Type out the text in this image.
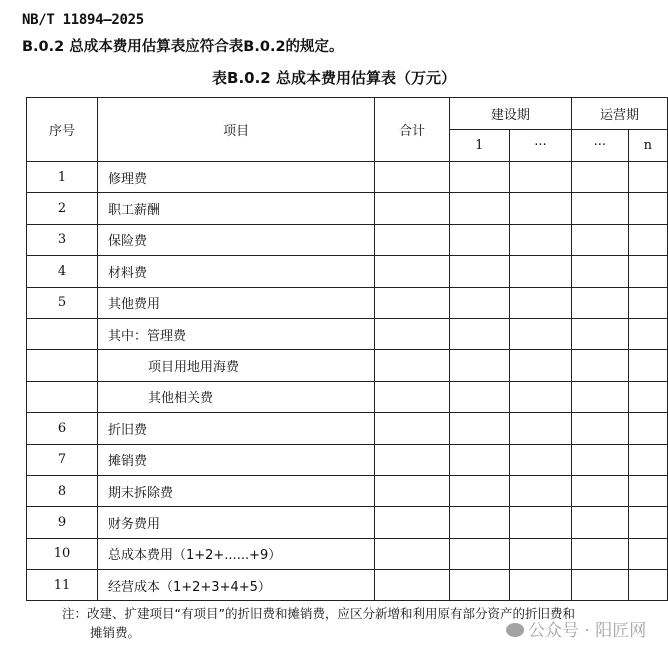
NB/T 11894—2025
B.0.2 总成本费用估算表应符合表B.0.2的规定。
表B.0.2 总成本费用估算表（万元）
序号	项目	合计	建设期		运营期	
			1	···	···	n
1	修理费					
2	职工薪酬					
3	保险费					
4	材料费					
5	其他费用					
	其中：管理费					
	项目用地用海费					
	其他相关费					
6	折旧费					
7	摊销费					
8	期末拆除费					
9	财务费用					
10	总成本费用（1+2+......+9）					
11	经营成本（1+2+3+4+5）					
注：改建、扩建项目“有项目”的折旧费和摊销费，应区分新增和利用原有部分资产的折旧费和
摊销费。	公众号 · 阳匠网
